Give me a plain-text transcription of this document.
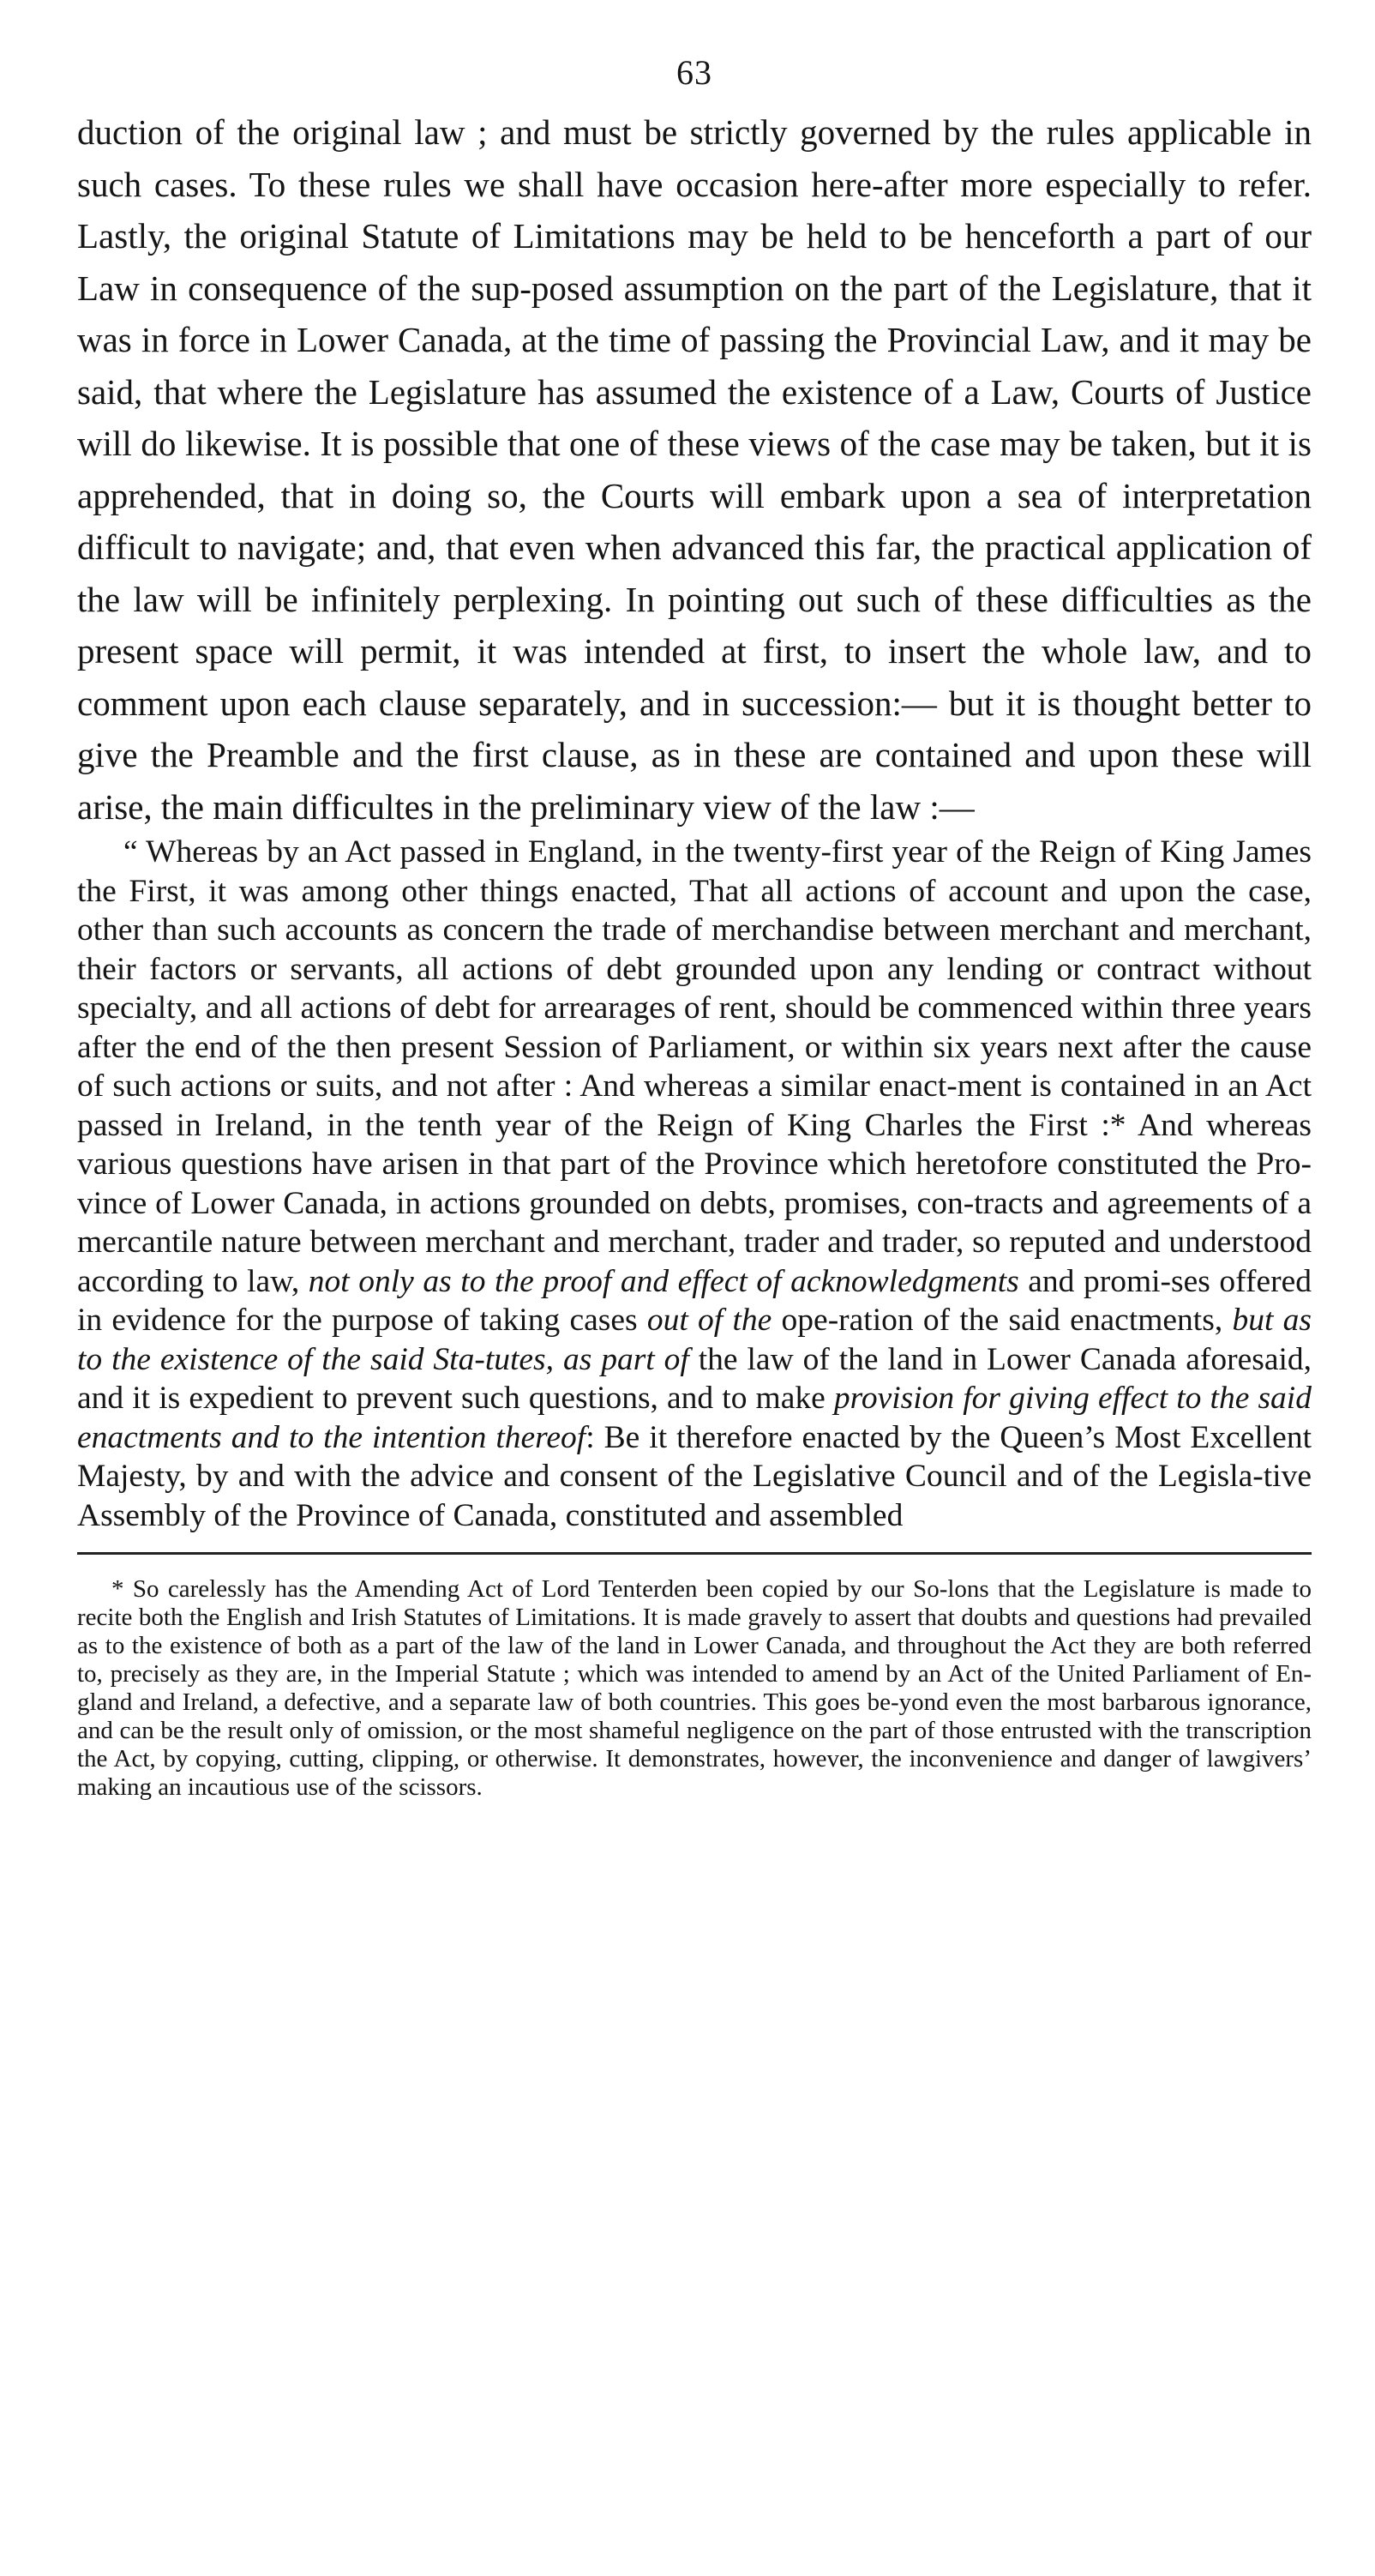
63

duction of the original law ; and must be strictly governed by the rules applicable in such cases. To these rules we shall have occasion here-after more especially to refer. Lastly, the original Statute of Limitations may be held to be henceforth a part of our Law in consequence of the sup-posed assumption on the part of the Legislature, that it was in force in Lower Canada, at the time of passing the Provincial Law, and it may be said, that where the Legislature has assumed the existence of a Law, Courts of Justice will do likewise. It is possible that one of these views of the case may be taken, but it is apprehended, that in doing so, the Courts will embark upon a sea of interpretation difficult to navigate; and, that even when advanced this far, the practical application of the law will be infinitely perplexing. In pointing out such of these difficulties as the present space will permit, it was intended at first, to insert the whole law, and to comment upon each clause separately, and in succession:— but it is thought better to give the Preamble and the first clause, as in these are contained and upon these will arise, the main difficultes in the preliminary view of the law :—

“ Whereas by an Act passed in England, in the twenty-first year of the Reign of King James the First, it was among other things enacted, That all actions of account and upon the case, other than such accounts as concern the trade of merchandise between merchant and merchant, their factors or servants, all actions of debt grounded upon any lending or contract without specialty, and all actions of debt for arrearages of rent, should be commenced within three years after the end of the then present Session of Parliament, or within six years next after the cause of such actions or suits, and not after : And whereas a similar enact-ment is contained in an Act passed in Ireland, in the tenth year of the Reign of King Charles the First :* And whereas various questions have arisen in that part of the Province which heretofore constituted the Pro-vince of Lower Canada, in actions grounded on debts, promises, con-tracts and agreements of a mercantile nature between merchant and merchant, trader and trader, so reputed and understood according to law, not only as to the proof and effect of acknowledgments and promi-ses offered in evidence for the purpose of taking cases out of the ope-ration of the said enactments, but as to the existence of the said Sta-tutes, as part of the law of the land in Lower Canada aforesaid, and it is expedient to prevent such questions, and to make provision for giving effect to the said enactments and to the intention thereof: Be it therefore enacted by the Queen’s Most Excellent Majesty, by and with the advice and consent of the Legislative Council and of the Legisla-tive Assembly of the Province of Canada, constituted and assembled

* So carelessly has the Amending Act of Lord Tenterden been copied by our So-lons that the Legislature is made to recite both the English and Irish Statutes of Limitations. It is made gravely to assert that doubts and questions had prevailed as to the existence of both as a part of the law of the land in Lower Canada, and throughout the Act they are both referred to, precisely as they are, in the Imperial Statute ; which was intended to amend by an Act of the United Parliament of En-gland and Ireland, a defective, and a separate law of both countries. This goes be-yond even the most barbarous ignorance, and can be the result only of omission, or the most shameful negligence on the part of those entrusted with the transcription the Act, by copying, cutting, clipping, or otherwise. It demonstrates, however, the inconvenience and danger of lawgivers’ making an incautious use of the scissors.
